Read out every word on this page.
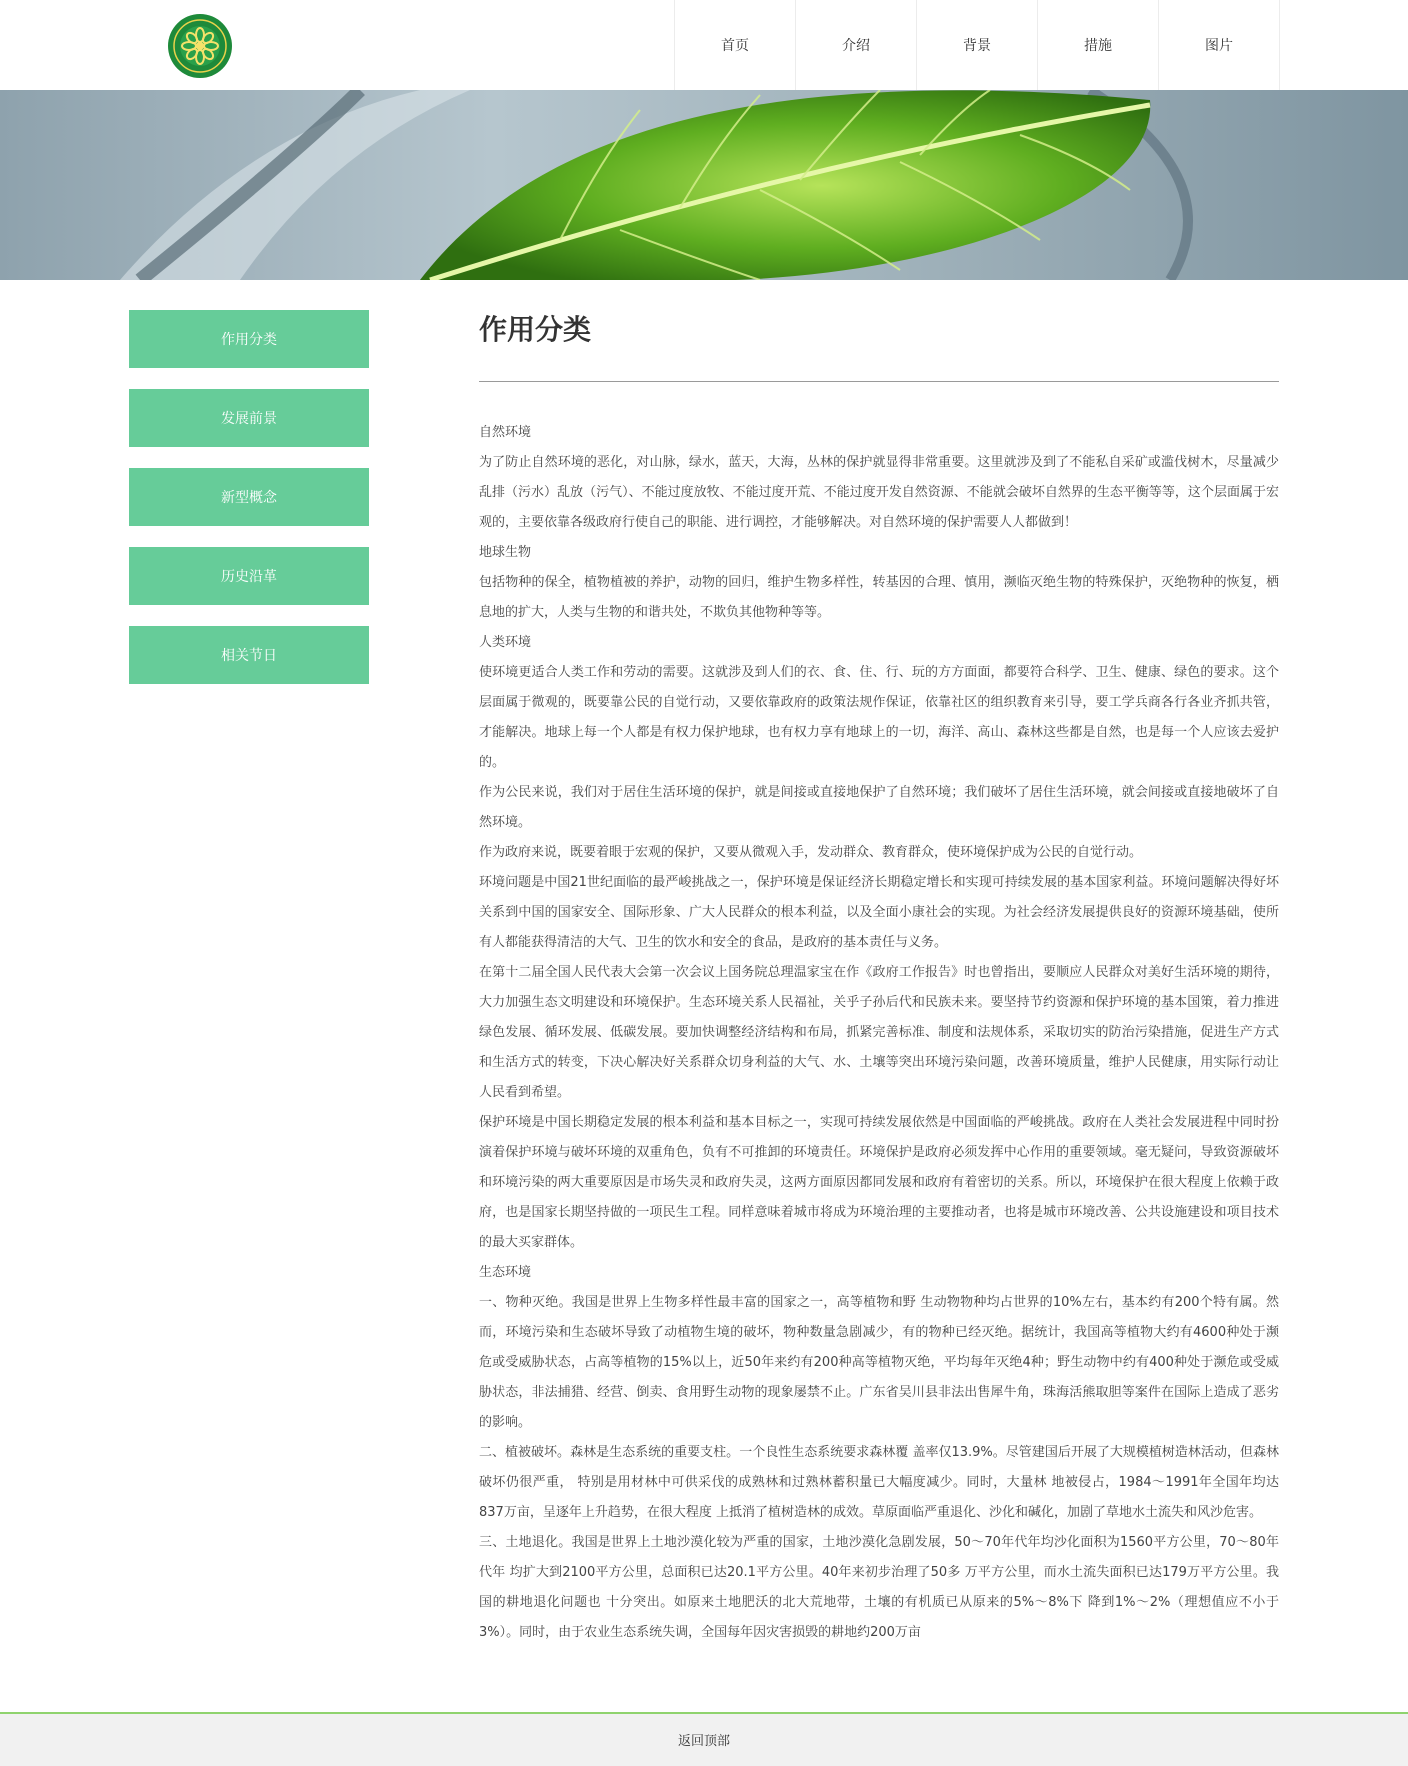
首页	介绍	背景	措施	图片
作用分类
发展前景
新型概念
历史沿革
相关节日
作用分类

自然环境

为了防止自然环境的恶化，对山脉，绿水，蓝天，大海，丛林的保护就显得非常重要。这里就涉及到了不能私自采矿或滥伐树木，尽量减少乱排（污水）乱放（污气）、不能过度放牧、不能过度开荒、不能过度开发自然资源、不能就会破坏自然界的生态平衡等等，这个层面属于宏观的，主要依靠各级政府行使自己的职能、进行调控，才能够解决。对自然环境的保护需要人人都做到！

地球生物

包括物种的保全，植物植被的养护，动物的回归，维护生物多样性，转基因的合理、慎用，濒临灭绝生物的特殊保护，灭绝物种的恢复，栖息地的扩大，人类与生物的和谐共处，不欺负其他物种等等。

人类环境

使环境更适合人类工作和劳动的需要。这就涉及到人们的衣、食、住、行、玩的方方面面，都要符合科学、卫生、健康、绿色的要求。这个层面属于微观的，既要靠公民的自觉行动，又要依靠政府的政策法规作保证，依靠社区的组织教育来引导，要工学兵商各行各业齐抓共管，才能解决。地球上每一个人都是有权力保护地球，也有权力享有地球上的一切，海洋、高山、森林这些都是自然，也是每一个人应该去爱护的。

作为公民来说，我们对于居住生活环境的保护，就是间接或直接地保护了自然环境；我们破坏了居住生活环境，就会间接或直接地破坏了自然环境。

作为政府来说，既要着眼于宏观的保护，又要从微观入手，发动群众、教育群众，使环境保护成为公民的自觉行动。

环境问题是中国21世纪面临的最严峻挑战之一，保护环境是保证经济长期稳定增长和实现可持续发展的基本国家利益。环境问题解决得好坏关系到中国的国家安全、国际形象、广大人民群众的根本利益，以及全面小康社会的实现。为社会经济发展提供良好的资源环境基础，使所有人都能获得清洁的大气、卫生的饮水和安全的食品，是政府的基本责任与义务。

在第十二届全国人民代表大会第一次会议上国务院总理温家宝在作《政府工作报告》时也曾指出，要顺应人民群众对美好生活环境的期待，大力加强生态文明建设和环境保护。生态环境关系人民福祉，关乎子孙后代和民族未来。要坚持节约资源和保护环境的基本国策，着力推进绿色发展、循环发展、低碳发展。要加快调整经济结构和布局，抓紧完善标准、制度和法规体系，采取切实的防治污染措施，促进生产方式和生活方式的转变，下决心解决好关系群众切身利益的大气、水、土壤等突出环境污染问题，改善环境质量，维护人民健康，用实际行动让人民看到希望。

保护环境是中国长期稳定发展的根本利益和基本目标之一，实现可持续发展依然是中国面临的严峻挑战。政府在人类社会发展进程中同时扮演着保护环境与破坏环境的双重角色，负有不可推卸的环境责任。环境保护是政府必须发挥中心作用的重要领域。毫无疑问，导致资源破坏和环境污染的两大重要原因是市场失灵和政府失灵，这两方面原因都同发展和政府有着密切的关系。所以，环境保护在很大程度上依赖于政府，也是国家长期坚持做的一项民生工程。同样意味着城市将成为环境治理的主要推动者，也将是城市环境改善、公共设施建设和项目技术的最大买家群体。

生态环境

一、物种灭绝。我国是世界上生物多样性最丰富的国家之一，高等植物和野 生动物物种均占世界的10%左右，基本约有200个特有属。然而，环境污染和生态破坏导致了动植物生境的破坏，物种数量急剧减少，有的物种已经灭绝。据统计，我国高等植物大约有4600种处于濒危或受威胁状态，占高等植物的15%以上，近50年来约有200种高等植物灭绝，平均每年灭绝4种；野生动物中约有400种处于濒危或受威胁状态，非法捕猎、经营、倒卖、食用野生动物的现象屡禁不止。广东省吴川县非法出售犀牛角，珠海活熊取胆等案件在国际上造成了恶劣的影响。

二、植被破坏。森林是生态系统的重要支柱。一个良性生态系统要求森林覆 盖率仅13.9%。尽管建国后开展了大规模植树造林活动，但森林破坏仍很严重， 特别是用材林中可供采伐的成熟林和过熟林蓄积量已大幅度减少。同时，大量林 地被侵占，1984～1991年全国年均达837万亩，呈逐年上升趋势，在很大程度 上抵消了植树造林的成效。草原面临严重退化、沙化和碱化，加剧了草地水土流失和风沙危害。

三、土地退化。我国是世界上土地沙漠化较为严重的国家，土地沙漠化急剧发展，50～70年代年均沙化面积为1560平方公里，70～80年代年 均扩大到2100平方公里，总面积已达20.1平方公里。40年来初步治理了50多 万平方公里，而水土流失面积已达179万平方公里。我国的耕地退化问题也 十分突出。如原来土地肥沃的北大荒地带，土壤的有机质已从原来的5%～8%下 降到1%～2%（理想值应不小于3%）。同时，由于农业生态系统失调，全国每年因灾害损毁的耕地约200万亩

返回顶部
